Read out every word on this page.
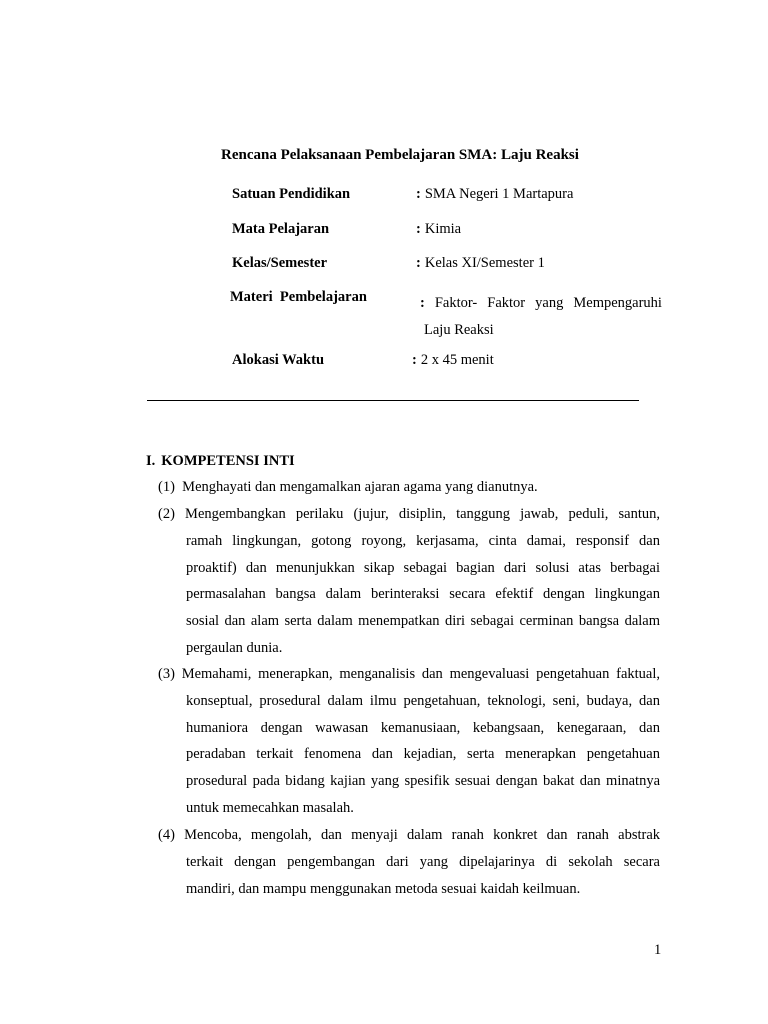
Rencana Pelaksanaan Pembelajaran SMA: Laju Reaksi
Satuan Pendidikan	: SMA Negeri 1 Martapura
Mata Pelajaran	: Kimia
Kelas/Semester	: Kelas XI/Semester 1
Materi  Pembelajaran	: Faktor- Faktor yang Mempengaruhi
Laju Reaksi
Alokasi Waktu	: 2 x 45 menit
I. KOMPETENSI INTI
(1) Menghayati dan mengamalkan ajaran agama yang dianutnya.
(2) Mengembangkan perilaku (jujur, disiplin, tanggung jawab, peduli, santun,
ramah lingkungan, gotong royong, kerjasama, cinta damai, responsif dan
proaktif) dan menunjukkan sikap sebagai bagian dari solusi atas berbagai
permasalahan bangsa dalam berinteraksi secara efektif dengan lingkungan
sosial dan alam serta dalam menempatkan diri sebagai cerminan bangsa dalam
pergaulan dunia.
(3) Memahami, menerapkan, menganalisis dan mengevaluasi pengetahuan faktual,
konseptual, prosedural dalam ilmu pengetahuan, teknologi, seni, budaya, dan
humaniora dengan wawasan kemanusiaan, kebangsaan, kenegaraan, dan
peradaban terkait fenomena dan kejadian, serta menerapkan pengetahuan
prosedural pada bidang kajian yang spesifik sesuai dengan bakat dan minatnya
untuk memecahkan masalah.
(4) Mencoba, mengolah, dan menyaji dalam ranah konkret dan ranah abstrak
terkait dengan pengembangan dari yang dipelajarinya di sekolah secara
mandiri, dan mampu menggunakan metoda sesuai kaidah keilmuan.
1
